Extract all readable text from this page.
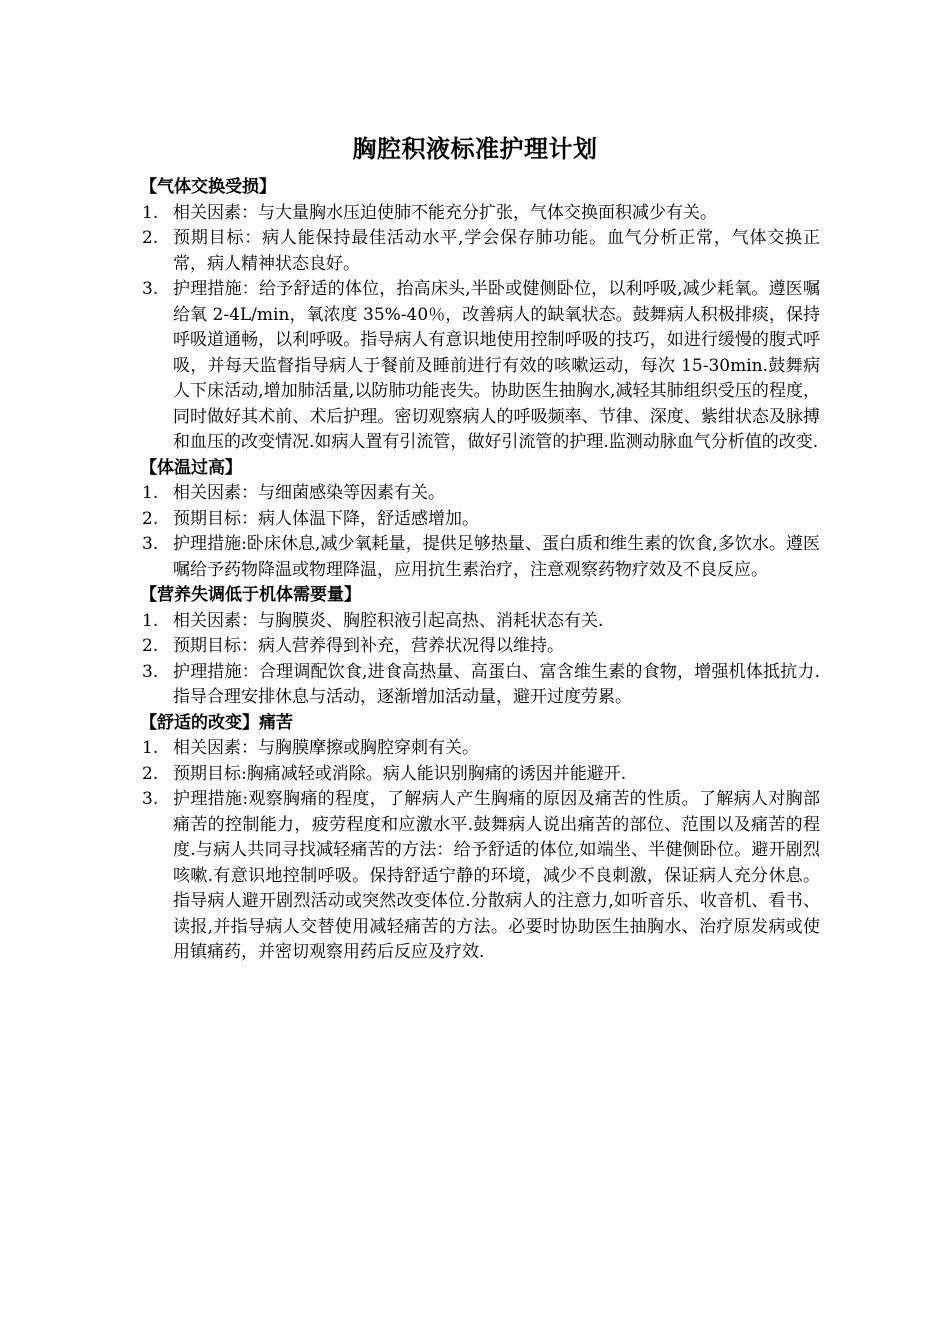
胸腔积液标准护理计划
【气体交换受损】
1. 相关因素：与大量胸水压迫使肺不能充分扩张，气体交换面积减少有关。
2. 预期目标：病人能保持最佳活动水平,学会保存肺功能。血气分析正常，气体交换正常，病人精神状态良好。
3. 护理措施：给予舒适的体位，抬高床头,半卧或健侧卧位，以利呼吸,减少耗氧。遵医嘱给氧 2-4L/min，氧浓度 35%-40％，改善病人的缺氧状态。鼓舞病人积极排痰，保持呼吸道通畅，以利呼吸。指导病人有意识地使用控制呼吸的技巧，如进行缓慢的腹式呼吸，并每天监督指导病人于餐前及睡前进行有效的咳嗽运动，每次 15-30min.鼓舞病人下床活动,增加肺活量,以防肺功能丧失。协助医生抽胸水,减轻其肺组织受压的程度，同时做好其术前、术后护理。密切观察病人的呼吸频率、节律、深度、紫绀状态及脉搏和血压的改变情况.如病人置有引流管，做好引流管的护理.监测动脉血气分析值的改变.
【体温过高】
1. 相关因素：与细菌感染等因素有关。
2. 预期目标：病人体温下降，舒适感增加。
3. 护理措施:卧床休息,减少氧耗量，提供足够热量、蛋白质和维生素的饮食,多饮水。遵医嘱给予药物降温或物理降温，应用抗生素治疗，注意观察药物疗效及不良反应。
【营养失调低于机体需要量】
1. 相关因素：与胸膜炎、胸腔积液引起高热、消耗状态有关.
2. 预期目标：病人营养得到补充，营养状况得以维持。
3. 护理措施：合理调配饮食,进食高热量、高蛋白、富含维生素的食物，增强机体抵抗力.指导合理安排休息与活动，逐渐增加活动量，避开过度劳累。
【舒适的改变】痛苦
1. 相关因素：与胸膜摩擦或胸腔穿刺有关。
2. 预期目标:胸痛减轻或消除。病人能识别胸痛的诱因并能避开.
3. 护理措施:观察胸痛的程度，了解病人产生胸痛的原因及痛苦的性质。了解病人对胸部痛苦的控制能力，疲劳程度和应激水平.鼓舞病人说出痛苦的部位、范围以及痛苦的程度.与病人共同寻找减轻痛苦的方法：给予舒适的体位,如端坐、半健侧卧位。避开剧烈咳嗽.有意识地控制呼吸。保持舒适宁静的环境，减少不良刺激，保证病人充分休息。指导病人避开剧烈活动或突然改变体位.分散病人的注意力,如听音乐、收音机、看书、读报,并指导病人交替使用减轻痛苦的方法。必要时协助医生抽胸水、治疗原发病或使用镇痛药，并密切观察用药后反应及疗效.
